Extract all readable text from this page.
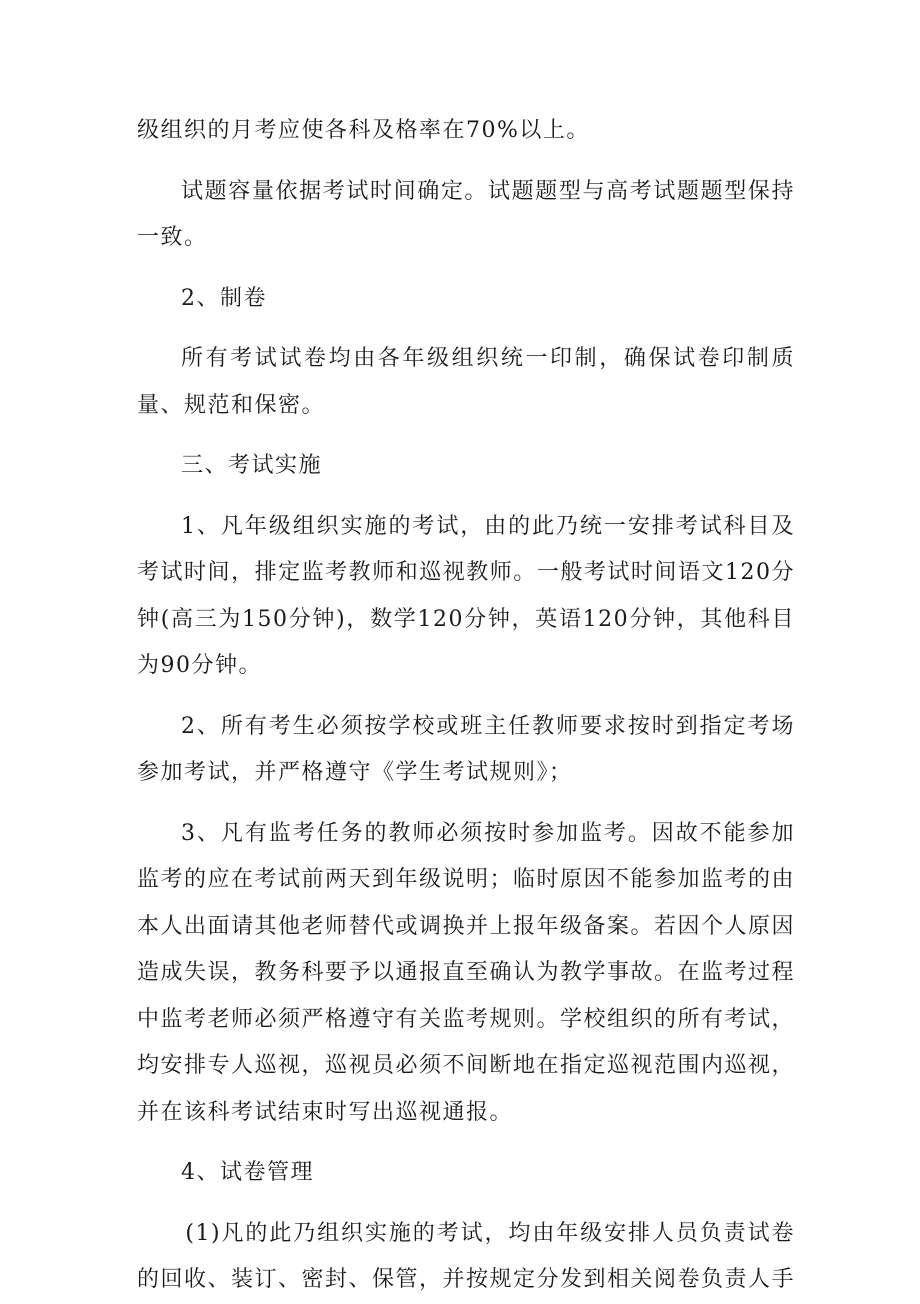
级组织的月考应使各科及格率在70%以上。

试题容量依据考试时间确定。试题题型与高考试题题型保持一致。

2、制卷

所有考试试卷均由各年级组织统一印制，确保试卷印制质量、规范和保密。

三、考试实施

1、凡年级组织实施的考试，由的此乃统一安排考试科目及考试时间，排定监考教师和巡视教师。一般考试时间语文120分钟(高三为150分钟)，数学120分钟，英语120分钟，其他科目为90分钟。

2、所有考生必须按学校或班主任教师要求按时到指定考场参加考试，并严格遵守《学生考试规则》；

3、凡有监考任务的教师必须按时参加监考。因故不能参加监考的应在考试前两天到年级说明；临时原因不能参加监考的由本人出面请其他老师替代或调换并上报年级备案。若因个人原因造成失误，教务科要予以通报直至确认为教学事故。在监考过程中监考老师必须严格遵守有关监考规则。学校组织的所有考试，均安排专人巡视，巡视员必须不间断地在指定巡视范围内巡视，并在该科考试结束时写出巡视通报。

4、试卷管理

(1)凡的此乃组织实施的考试，均由年级安排人员负责试卷的回收、装订、密封、保管，并按规定分发到相关阅卷负责人手
